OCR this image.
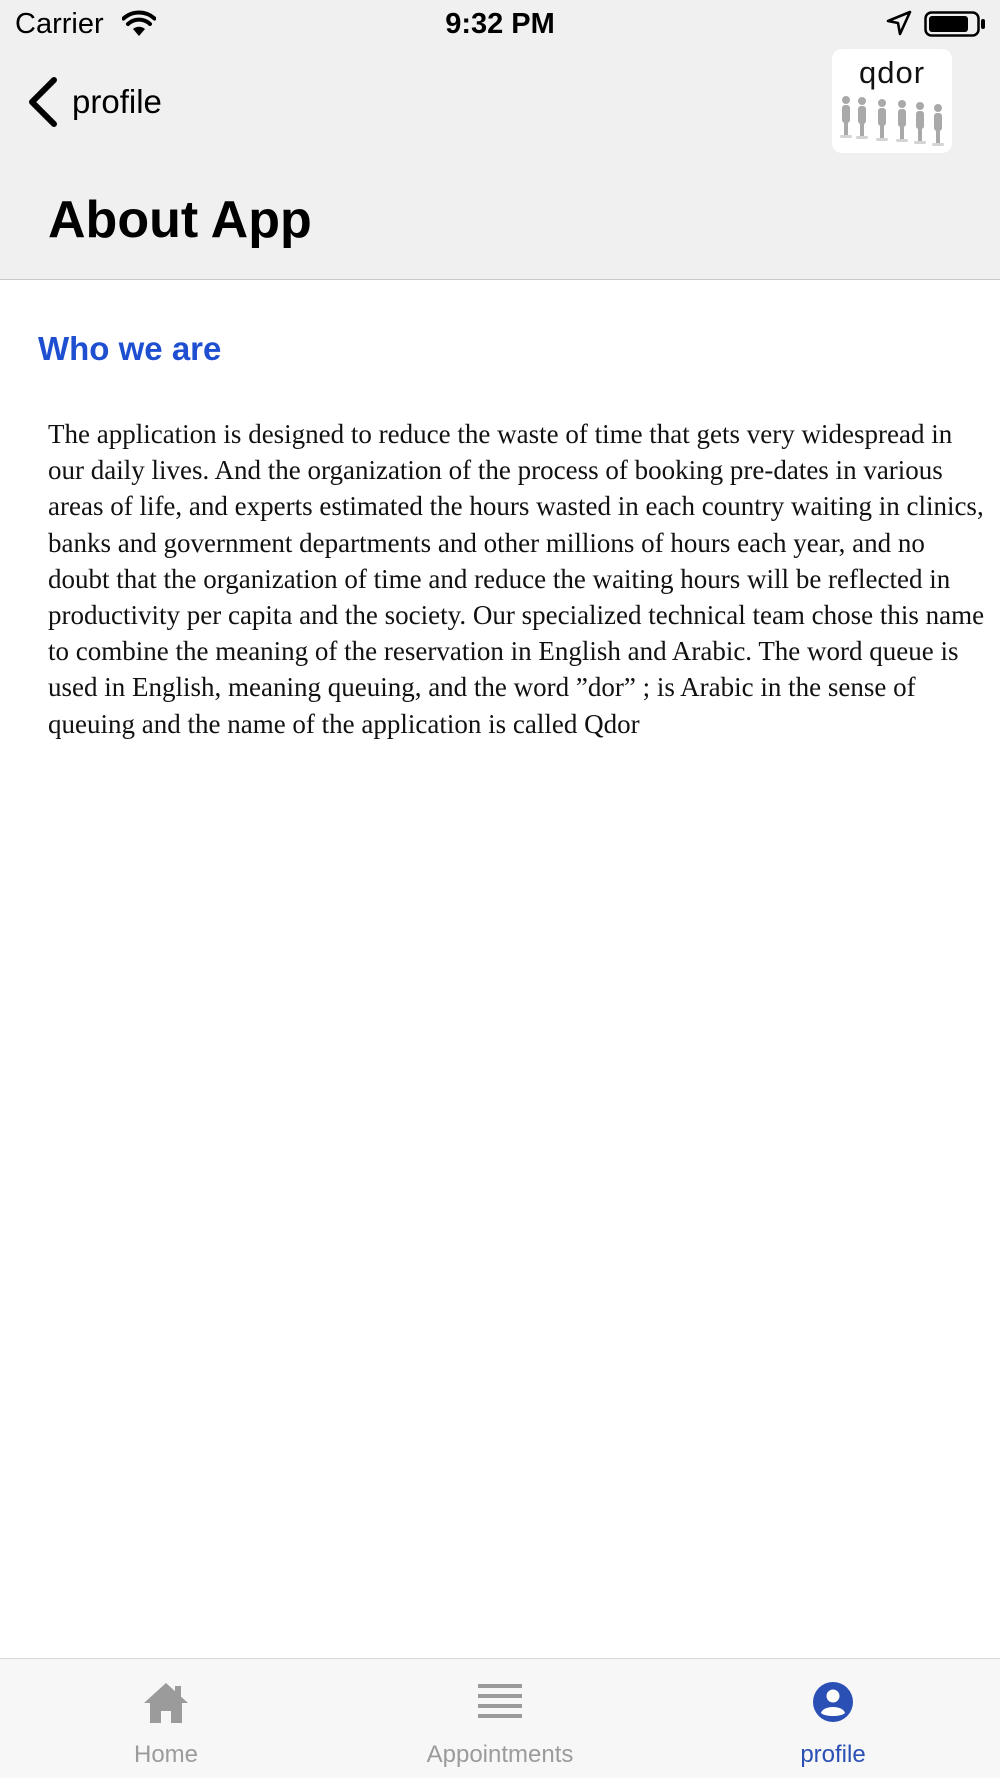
Carrier	9:32 PM
profile
qdor
About App
Who we are

The application is designed to reduce the waste of time that gets very widespread in our daily lives. And the organization of the process of booking pre-dates in various areas of life, and experts estimated the hours wasted in each country waiting in clinics, banks and government departments and other millions of hours each year, and no doubt that the organization of time and reduce the waiting hours will be reflected in productivity per capita and the society. Our specialized technical team chose this name to combine the meaning of the reservation in English and Arabic. The word queue is used in English, meaning queuing, and the word ”dor” ; is Arabic in the sense of queuing and the name of the application is called Qdor

Home	Appointments	profile
